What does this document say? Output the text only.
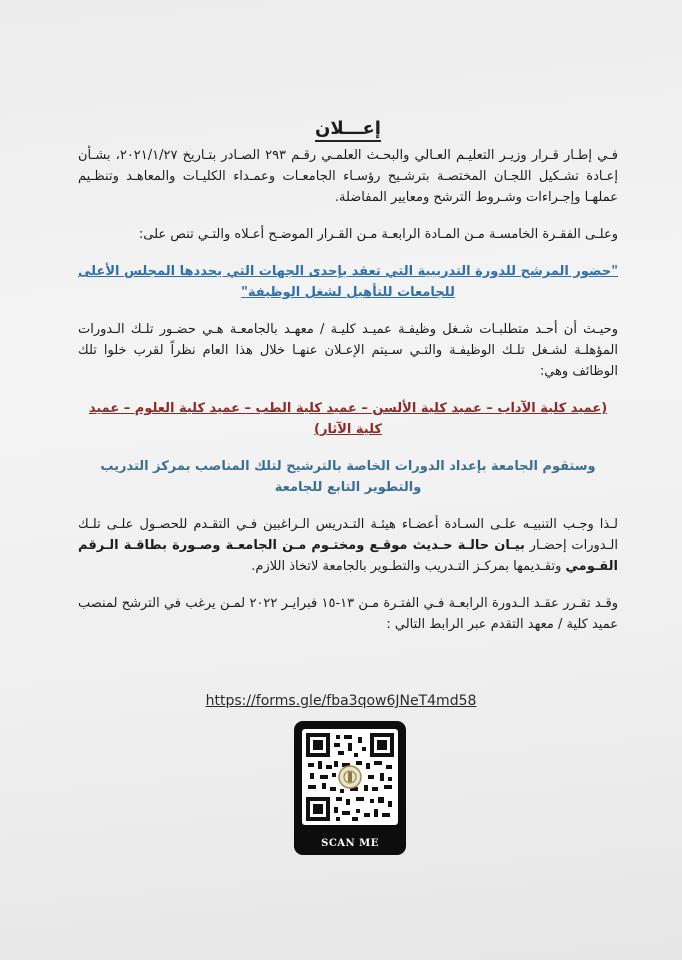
إعـــلان

فـي إطـار قـرار وزيـر التعليـم العـالي والبحـث العلمـي رقـم ٢٩٣ الصـادر بتـاريخ ٢٠٢١/١/٢٧، بشـأن إعـادة تشـكيل اللجـان المختصـة بترشـيح رؤسـاء الجامعـات وعمـداء الكليـات والمعاهـد وتنظـيم عملهـا وإجـراءات وشـروط الترشح ومعايير المفاضلة.

وعلـى الفقـرة الخامسـة مـن المـادة الرابعـة مـن القـرار الموضـح أعـلاه والتـي تنص على:

"حضور المرشح للدورة التدريبية التي تعقد بإحدى الجهات التي يحددها المجلس الأعلى للجامعات للتأهيل لشغل الوظيفة"

وحيـث أن أحـد متطلبـات شـغل وظيفـة عميـد كليـة / معهـد بالجامعـة هـي حضـور تلـك الـدورات المؤهلـة لشـغل تلـك الوظيفـة والتـي سـيتم الإعـلان عنهـا خلال هذا العام نظراً لقرب خلوا تلك الوظائف وهي:

(عميد كلية الآداب – عميد كلية الألسن – عميد كلية الطب – عميد كلية العلوم – عميد كلية الآثار)

وستقوم الجامعة بإعداد الدورات الخاصة بالترشيح لتلك المناصب بمركز التدريب والتطوير التابع للجامعة

لـذا وجـب التنبيـه علـى السـادة أعضـاء هيئـة التـدريس الـراغبين فـي التقـدم للحصـول علـى تلـك الـدورات إحضـار بيـان حالـة حـديث موقـع ومختـوم مـن الجامعـة وصـورة بطاقـة الـرقم القـومي وتقـديمها بمركـز التـدريب والتطـوير بالجامعة لاتخاذ اللازم.

وقـد تقـرر عقـد الـدورة الرابعـة فـي الفتـرة مـن ١٣-١٥ فبرايـر ٢٠٢٢ لمـن يرغب في الترشح لمنصب عميد كلية / معهد التقدم عبر الرابط التالي :

https://forms.gle/fba3qow6JNeT4md58
SCAN ME
